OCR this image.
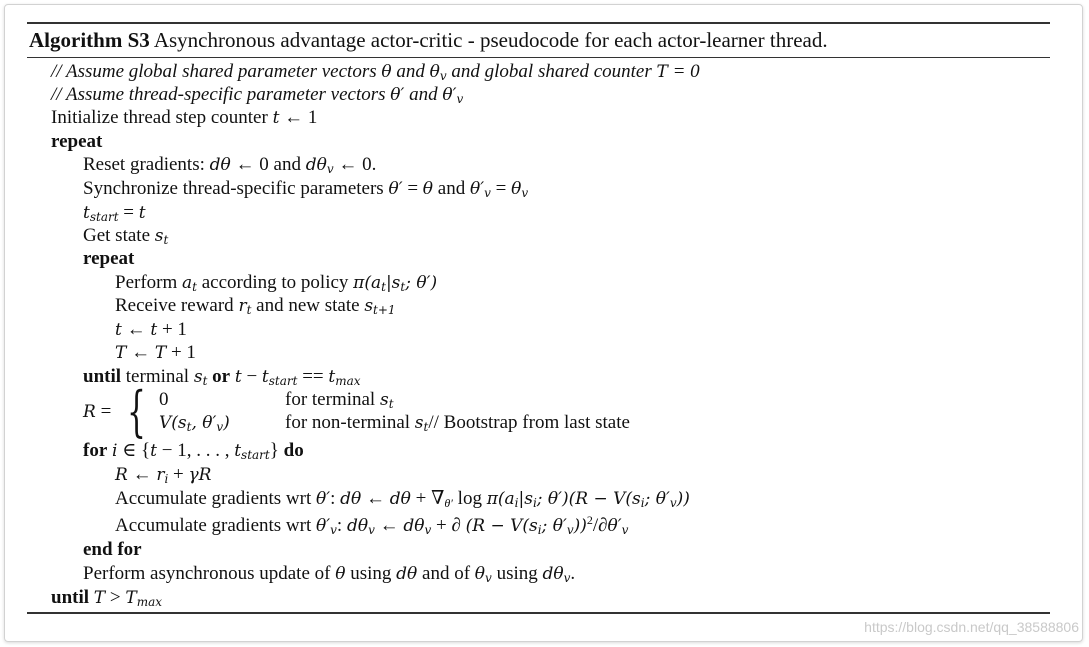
Algorithm S3 Asynchronous advantage actor-critic - pseudocode for each actor-learner thread.
// Assume global shared parameter vectors θ and $\theta_v$ and global shared counter T = 0
// Assume thread-specific parameter vectors θ′ and $\theta'_v$
Initialize thread step counter t ← 1
repeat
Reset gradients: dθ ← 0 and $d\theta_v$ ← 0.
Synchronize thread-specific parameters θ′ = θ and $\theta'_v = \theta_v$
$t_{start} = t$
Get state $s_t$
repeat
Perform $a_t$ according to policy $\pi(a_t|s_t$; θ′)
Receive reward $r_t$ and new state $s_{t+1}$
t ← t + 1
T ← T + 1
until terminal $s_t$ or $t - t_{start} == t_{max}$
R = { 0	for terminal $s_t$
$V(s_t$, $\theta'_v$)	for non-terminal $s_t//$ Bootstrap from last state
for i ∈ {t − 1, . . . , $t_{start}$} do
R ← $r_i + \gamma R$
Accumulate gradients wrt θ′: dθ ← $d\theta + \nabla_{\theta'}$ $\log \pi(a_i|s_i$; $\theta')(R - V(s_i$; $\theta'_v$))
Accumulate gradients wrt $\theta'_v$: $d\theta_v$ ← $d\theta_v$ + ∂ ($R - V(s_i$; $\theta'_v))^2/\partial\theta'_v$
end for
Perform asynchronous update of θ using dθ and of $\theta_v$ using $d\theta_v$.
until $T > T_{max}$
https://blog.csdn.net/qq_38588806
